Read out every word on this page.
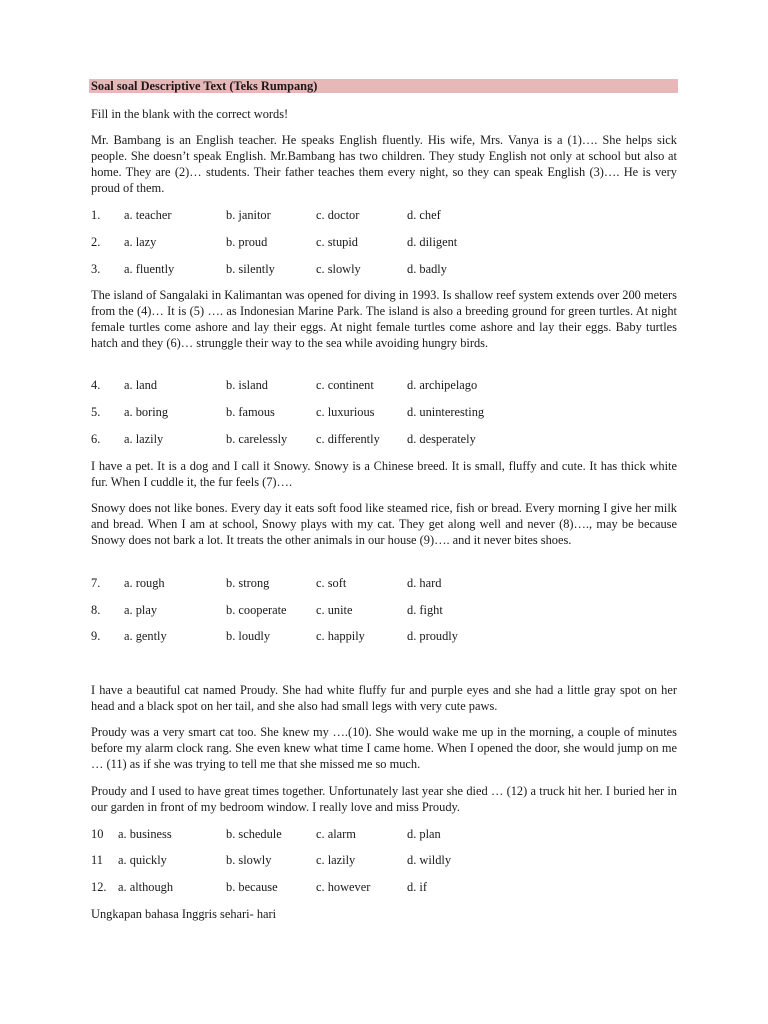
Soal soal Descriptive Text (Teks Rumpang)

Fill in the blank with the correct words!

Mr. Bambang is an English teacher. He speaks English fluently. His wife, Mrs. Vanya is a (1)…. She helps sick people. She doesn’t speak English. Mr.Bambang has two children. They study English not only at school but also at home. They are (2)… students. Their father teaches them every night, so they can speak English (3)…. He is very proud of them.

1. a. teacher	b. janitor	c. doctor	d. chef
2. a. lazy	b. proud	c. stupid	d. diligent
3. a. fluently	b. silently	c. slowly	d. badly

The island of Sangalaki in Kalimantan was opened for diving in 1993. Is shallow reef system extends over 200 meters from the (4)… It is (5) …. as Indonesian Marine Park. The island is also a breeding ground for green turtles. At night female turtles come ashore and lay their eggs. At night female turtles come ashore and lay their eggs. Baby turtles hatch and they (6)… strunggle their way to the sea while avoiding hungry birds.

4. a. land	b. island	c. continent	d. archipelago
5. a. boring	b. famous	c. luxurious	d. uninteresting
6. a. lazily	b. carelessly c. differently d. desperately

I have a pet. It is a dog and I call it Snowy. Snowy is a Chinese breed. It is small, fluffy and cute. It has thick white fur. When I cuddle it, the fur feels (7)….

Snowy does not like bones. Every day it eats soft food like steamed rice, fish or bread. Every morning I give her milk and bread. When I am at school, Snowy plays with my cat. They get along well and never (8)…., may be because Snowy does not bark a lot. It treats the other animals in our house (9)…. and it never bites shoes.

7. a. rough	b. strong	c. soft	d. hard
8. a. play	b. cooperate c. unite	d. fight
9. a. gently	b. loudly	c. happily	d. proudly

I have a beautiful cat named Proudy. She had white fluffy fur and purple eyes and she had a little gray spot on her head and a black spot on her tail, and she also had small legs with very cute paws.

Proudy was a very smart cat too. She knew my ….(10). She would wake me up in the morning, a couple of minutes before my alarm clock rang. She even knew what time I came home. When I opened the door, she would jump on me … (11) as if she was trying to tell me that she missed me so much.

Proudy and I used to have great times together. Unfortunately last year she died … (12) a truck hit her. I buried her in our garden in front of my bedroom window. I really love and miss Proudy.

10 a. business	b. schedule	c. alarm	d. plan
11 a. quickly	b. slowly	c. lazily	d. wildly
12. a. although	b. because	c. however	d. if

Ungkapan bahasa Inggris sehari- hari
